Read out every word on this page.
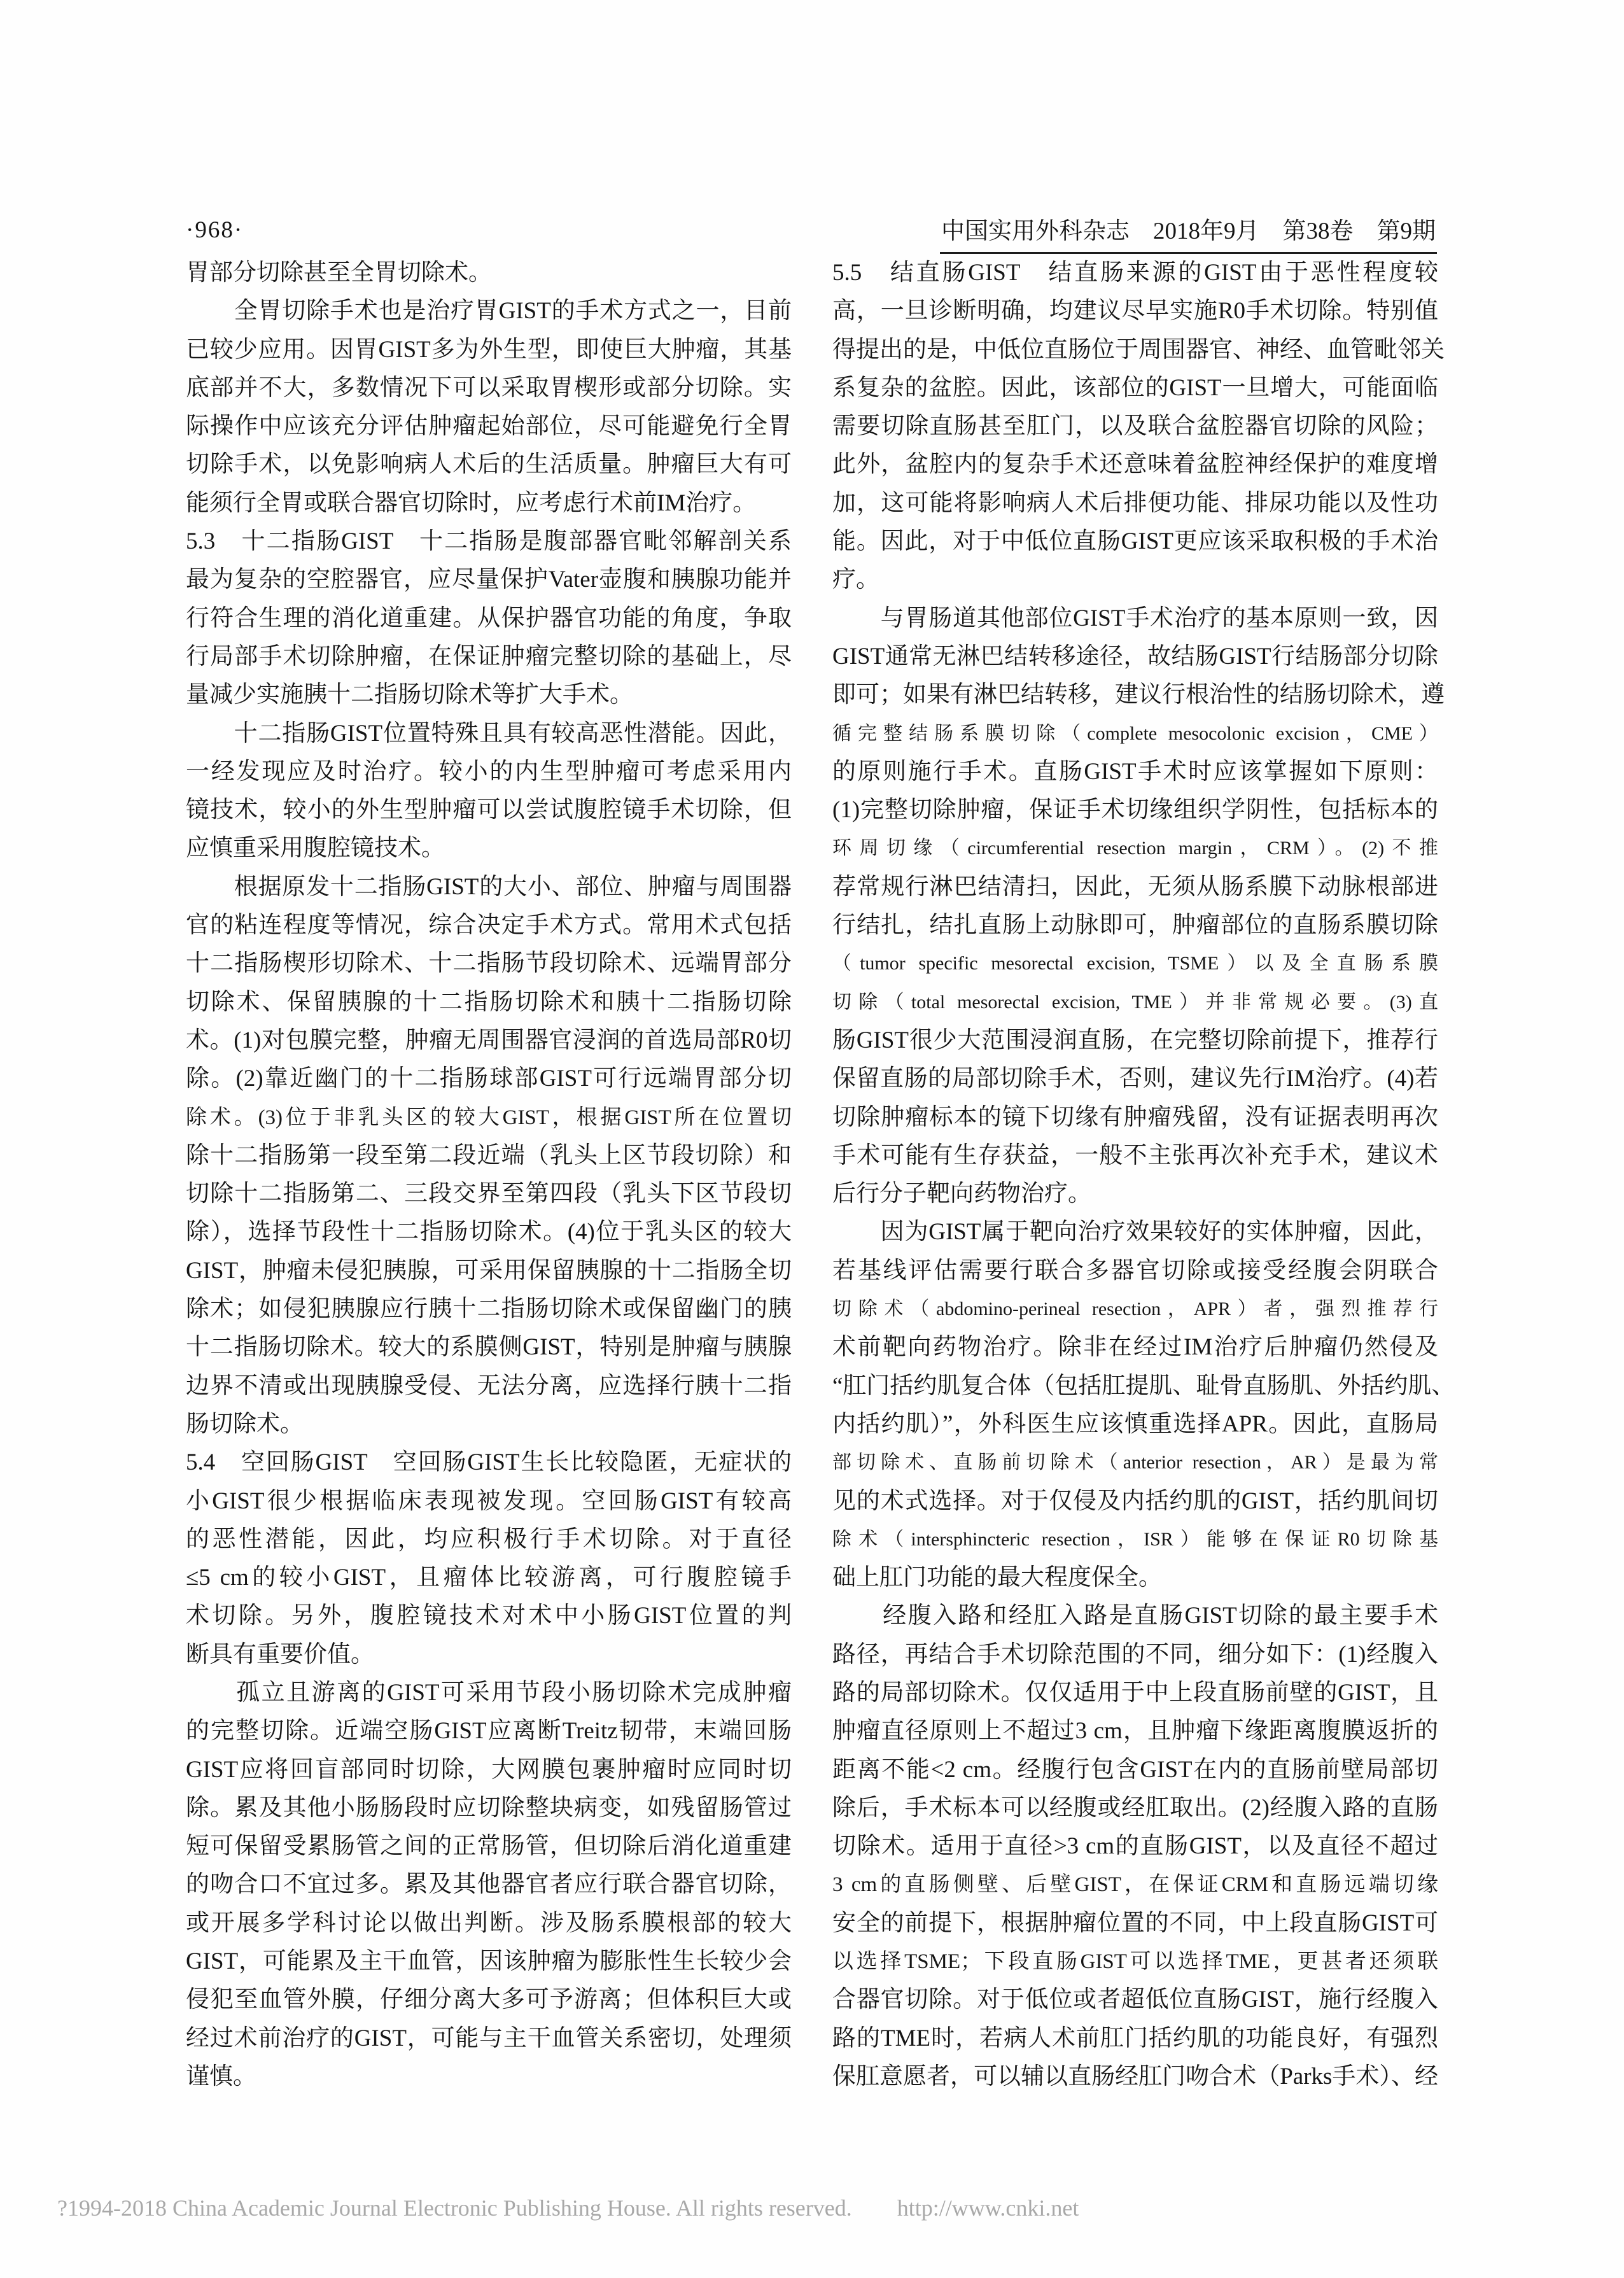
·968·	中国实用外科杂志　2018年9月　第38卷　第9期
胃部分切除甚至全胃切除术。
　　全胃切除手术也是治疗胃GIST的手术方式之一，目前
已较少应用。因胃GIST多为外生型，即使巨大肿瘤，其基
底部并不大，多数情况下可以采取胃楔形或部分切除。实
际操作中应该充分评估肿瘤起始部位，尽可能避免行全胃
切除手术，以免影响病人术后的生活质量。肿瘤巨大有可
能须行全胃或联合器官切除时，应考虑行术前IM治疗。
5.3　十二指肠GIST　十二指肠是腹部器官毗邻解剖关系
最为复杂的空腔器官，应尽量保护Vater壶腹和胰腺功能并
行符合生理的消化道重建。从保护器官功能的角度，争取
行局部手术切除肿瘤，在保证肿瘤完整切除的基础上，尽
量减少实施胰十二指肠切除术等扩大手术。
　　十二指肠GIST位置特殊且具有较高恶性潜能。因此，
一经发现应及时治疗。较小的内生型肿瘤可考虑采用内
镜技术，较小的外生型肿瘤可以尝试腹腔镜手术切除，但
应慎重采用腹腔镜技术。
　　根据原发十二指肠GIST的大小、部位、肿瘤与周围器
官的粘连程度等情况，综合决定手术方式。常用术式包括
十二指肠楔形切除术、十二指肠节段切除术、远端胃部分
切除术、保留胰腺的十二指肠切除术和胰十二指肠切除
术。(1)对包膜完整，肿瘤无周围器官浸润的首选局部R0切
除。(2)靠近幽门的十二指肠球部GIST可行远端胃部分切
除术。(3)位于非乳头区的较大GIST，根据GIST所在位置切
除十二指肠第一段至第二段近端（乳头上区节段切除）和
切除十二指肠第二、三段交界至第四段（乳头下区节段切
除），选择节段性十二指肠切除术。(4)位于乳头区的较大
GIST，肿瘤未侵犯胰腺，可采用保留胰腺的十二指肠全切
除术；如侵犯胰腺应行胰十二指肠切除术或保留幽门的胰
十二指肠切除术。较大的系膜侧GIST，特别是肿瘤与胰腺
边界不清或出现胰腺受侵、无法分离，应选择行胰十二指
肠切除术。
5.4　空回肠GIST　空回肠GIST生长比较隐匿，无症状的
小GIST很少根据临床表现被发现。空回肠GIST有较高
的恶性潜能，因此，均应积极行手术切除。对于直径
≤5 cm的较小GIST，且瘤体比较游离，可行腹腔镜手
术切除。另外，腹腔镜技术对术中小肠GIST位置的判
断具有重要价值。
　　孤立且游离的GIST可采用节段小肠切除术完成肿瘤
的完整切除。近端空肠GIST应离断Treitz韧带，末端回肠
GIST应将回盲部同时切除，大网膜包裹肿瘤时应同时切
除。累及其他小肠肠段时应切除整块病变，如残留肠管过
短可保留受累肠管之间的正常肠管，但切除后消化道重建
的吻合口不宜过多。累及其他器官者应行联合器官切除，
或开展多学科讨论以做出判断。涉及肠系膜根部的较大
GIST，可能累及主干血管，因该肿瘤为膨胀性生长较少会
侵犯至血管外膜，仔细分离大多可予游离；但体积巨大或
经过术前治疗的GIST，可能与主干血管关系密切，处理须
谨慎。
5.5　结直肠GIST　结直肠来源的GIST由于恶性程度较
高，一旦诊断明确，均建议尽早实施R0手术切除。特别值
得提出的是，中低位直肠位于周围器官、神经、血管毗邻关
系复杂的盆腔。因此，该部位的GIST一旦增大，可能面临
需要切除直肠甚至肛门，以及联合盆腔器官切除的风险；
此外，盆腔内的复杂手术还意味着盆腔神经保护的难度增
加，这可能将影响病人术后排便功能、排尿功能以及性功
能。因此，对于中低位直肠GIST更应该采取积极的手术治
疗。
　　与胃肠道其他部位GIST手术治疗的基本原则一致，因
GIST通常无淋巴结转移途径，故结肠GIST行结肠部分切除
即可；如果有淋巴结转移，建议行根治性的结肠切除术，遵
循完整结肠系膜切除（complete mesocolonic excision，CME）
的原则施行手术。直肠GIST手术时应该掌握如下原则：
(1)完整切除肿瘤，保证手术切缘组织学阴性，包括标本的
环周切缘（circumferential resection margin，CRM）。(2)不推
荐常规行淋巴结清扫，因此，无须从肠系膜下动脉根部进
行结扎，结扎直肠上动脉即可，肿瘤部位的直肠系膜切除
（tumor specific mesorectal excision, TSME）以及全直肠系膜
切除（total mesorectal excision, TME）并非常规必要。(3)直
肠GIST很少大范围浸润直肠，在完整切除前提下，推荐行
保留直肠的局部切除手术，否则，建议先行IM治疗。(4)若
切除肿瘤标本的镜下切缘有肿瘤残留，没有证据表明再次
手术可能有生存获益，一般不主张再次补充手术，建议术
后行分子靶向药物治疗。
　　因为GIST属于靶向治疗效果较好的实体肿瘤，因此，
若基线评估需要行联合多器官切除或接受经腹会阴联合
切除术（abdomino-perineal resection，APR）者，强烈推荐行
术前靶向药物治疗。除非在经过IM治疗后肿瘤仍然侵及
“肛门括约肌复合体（包括肛提肌、耻骨直肠肌、外括约肌、
内括约肌）”，外科医生应该慎重选择APR。因此，直肠局
部切除术、直肠前切除术（anterior resection，AR）是最为常
见的术式选择。对于仅侵及内括约肌的GIST，括约肌间切
除术（intersphincteric resection，ISR）能够在保证R0切除基
础上肛门功能的最大程度保全。
　　经腹入路和经肛入路是直肠GIST切除的最主要手术
路径，再结合手术切除范围的不同，细分如下：(1)经腹入
路的局部切除术。仅仅适用于中上段直肠前壁的GIST，且
肿瘤直径原则上不超过3 cm，且肿瘤下缘距离腹膜返折的
距离不能<2 cm。经腹行包含GIST在内的直肠前壁局部切
除后，手术标本可以经腹或经肛取出。(2)经腹入路的直肠
切除术。适用于直径>3 cm的直肠GIST，以及直径不超过
3 cm的直肠侧壁、后壁GIST，在保证CRM和直肠远端切缘
安全的前提下，根据肿瘤位置的不同，中上段直肠GIST可
以选择TSME；下段直肠GIST可以选择TME，更甚者还须联
合器官切除。对于低位或者超低位直肠GIST，施行经腹入
路的TME时，若病人术前肛门括约肌的功能良好，有强烈
保肛意愿者，可以辅以直肠经肛门吻合术（Parks手术）、经
?1994-2018 China Academic Journal Electronic Publishing House. All rights reserved. http://www.cnki.net
